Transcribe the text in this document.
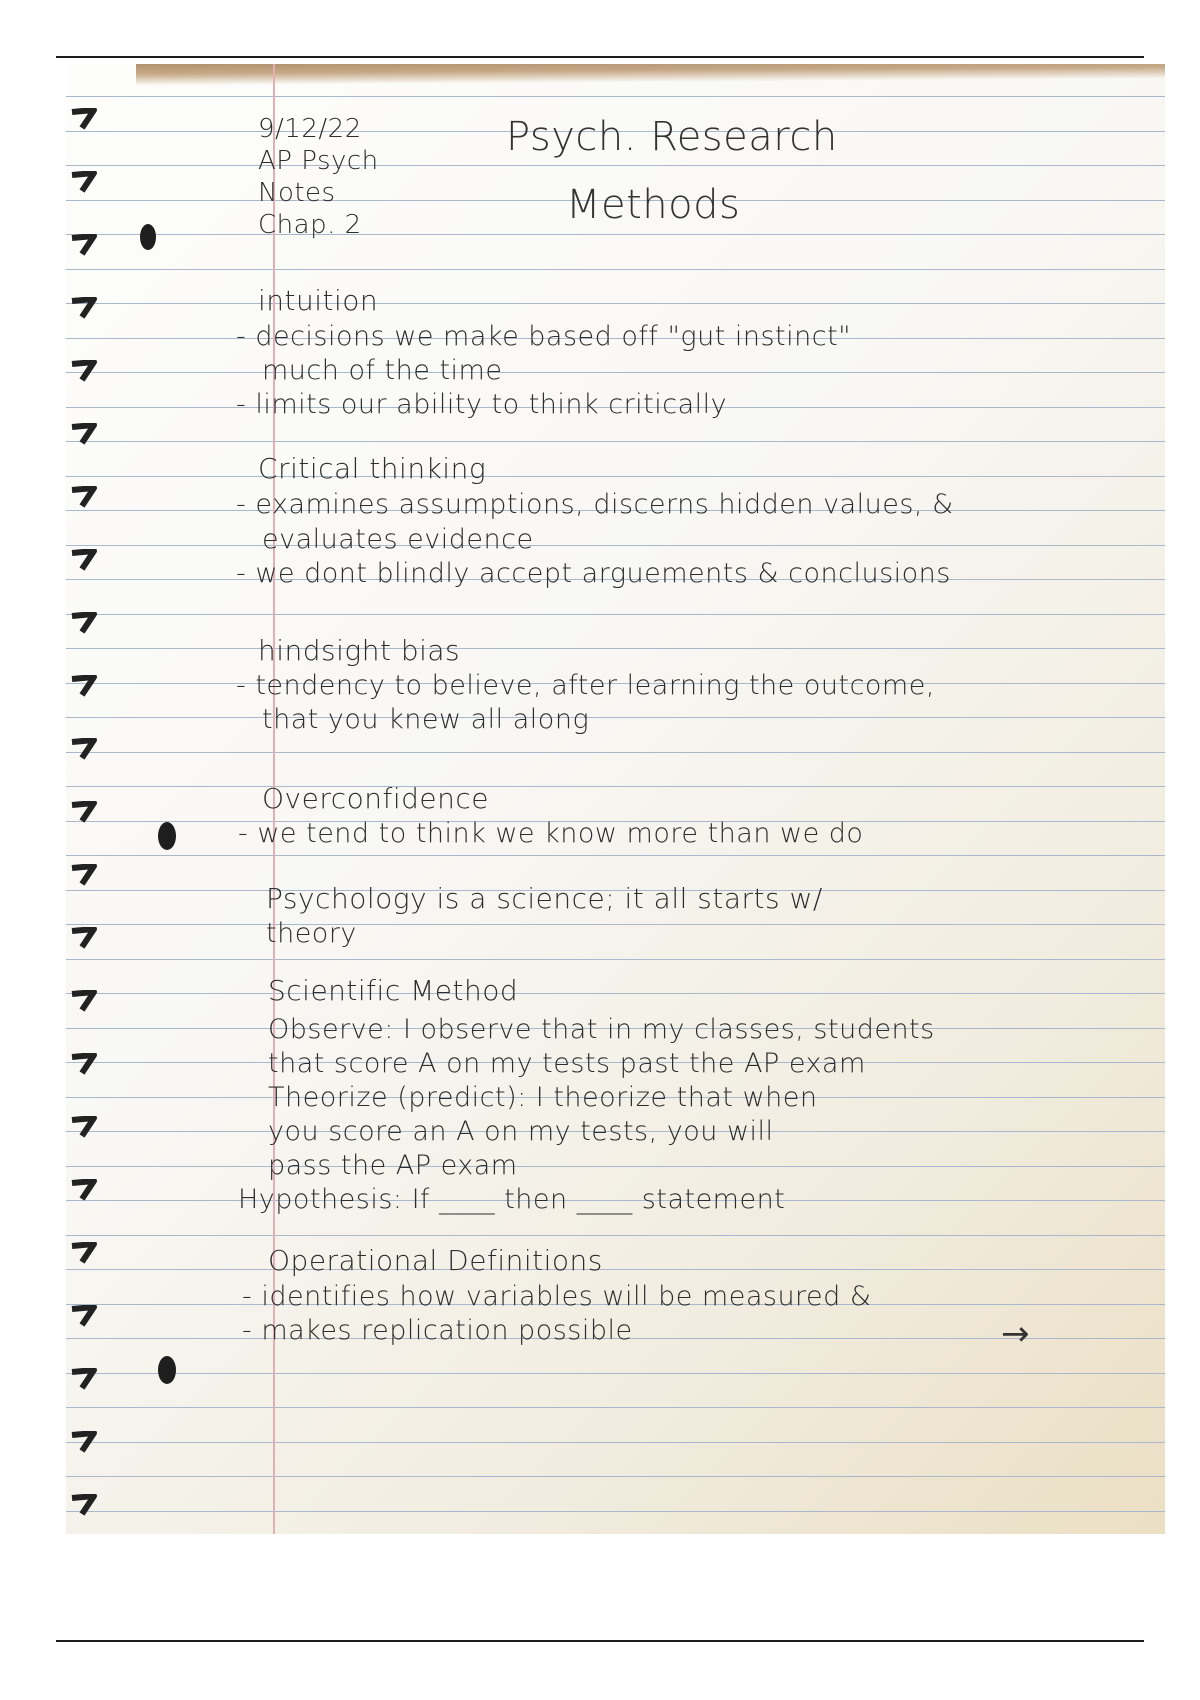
9/12/22
AP Psych
Notes
Chap. 2
Psych. Research
Methods
intuition
- decisions we make based off "gut instinct"
much of the time
- limits our ability to think critically
Critical thinking
- examines assumptions, discerns hidden values, &
evaluates evidence
- we dont blindly accept arguements & conclusions
hindsight bias
- tendency to believe, after learning the outcome,
that you knew all along
Overconfidence
- we tend to think we know more than we do
Psychology is a science; it all starts w/
theory
Scientific Method
Observe: I observe that in my classes, students
that score A on my tests past the AP exam
Theorize (predict): I theorize that when
you score an A on my tests, you will
pass the AP exam
Hypothesis: If ____ then ____ statement
Operational Definitions
- identifies how variables will be measured &
- makes replication possible	→
